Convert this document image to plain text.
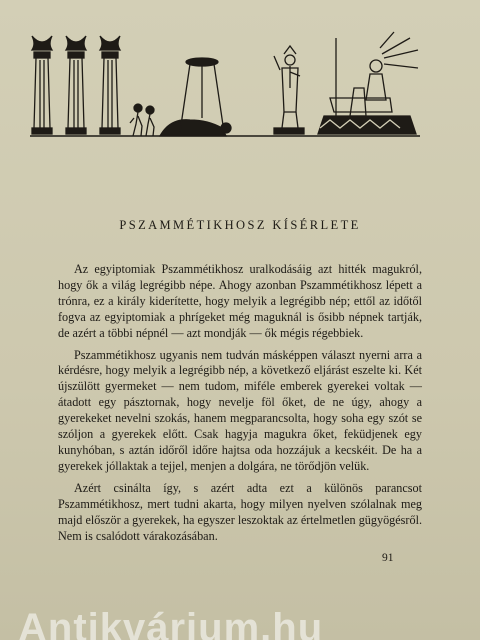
PSZAMMÉTIKHOSZ KÍSÉRLETE

Az egyiptomiak Pszammétikhosz uralkodásáig azt hitték magukról, hogy ők a világ legrégibb népe. Ahogy azonban Pszammétikhosz lépett a trónra, ez a király kiderítette, hogy melyik a legrégibb nép; ettől az időtől fogva az egyiptomiak a phrígeket még maguknál is ősibb népnek tartják, de azért a többi népnél — azt mondják — ők mégis régebbiek.

Pszammétikhosz ugyanis nem tudván másképpen választ nyerni arra a kérdésre, hogy melyik a legrégibb nép, a következő eljárást eszelte ki. Két újszülött gyermeket — nem tudom, miféle emberek gyerekei voltak — átadott egy pásztornak, hogy nevelje föl őket, de ne úgy, ahogy a gyerekeket nevelni szokás, hanem megparancsolta, hogy soha egy szót se szóljon a gyerekek előtt. Csak hagyja magukra őket, feküdjenek egy kunyhóban, s aztán időről időre hajtsa oda hozzájuk a kecskéit. De ha a gyerekek jóllaktak a tejjel, menjen a dolgára, ne törődjön velük.

Azért csinálta így, s azért adta ezt a különös parancsot Pszammétikhosz, mert tudni akarta, hogy milyen nyelven szólalnak meg majd először a gyerekek, ha egyszer leszoktak az értelmetlen gügyögésről. Nem is csalódott várakozásában.

91
Antikvárium.hu
